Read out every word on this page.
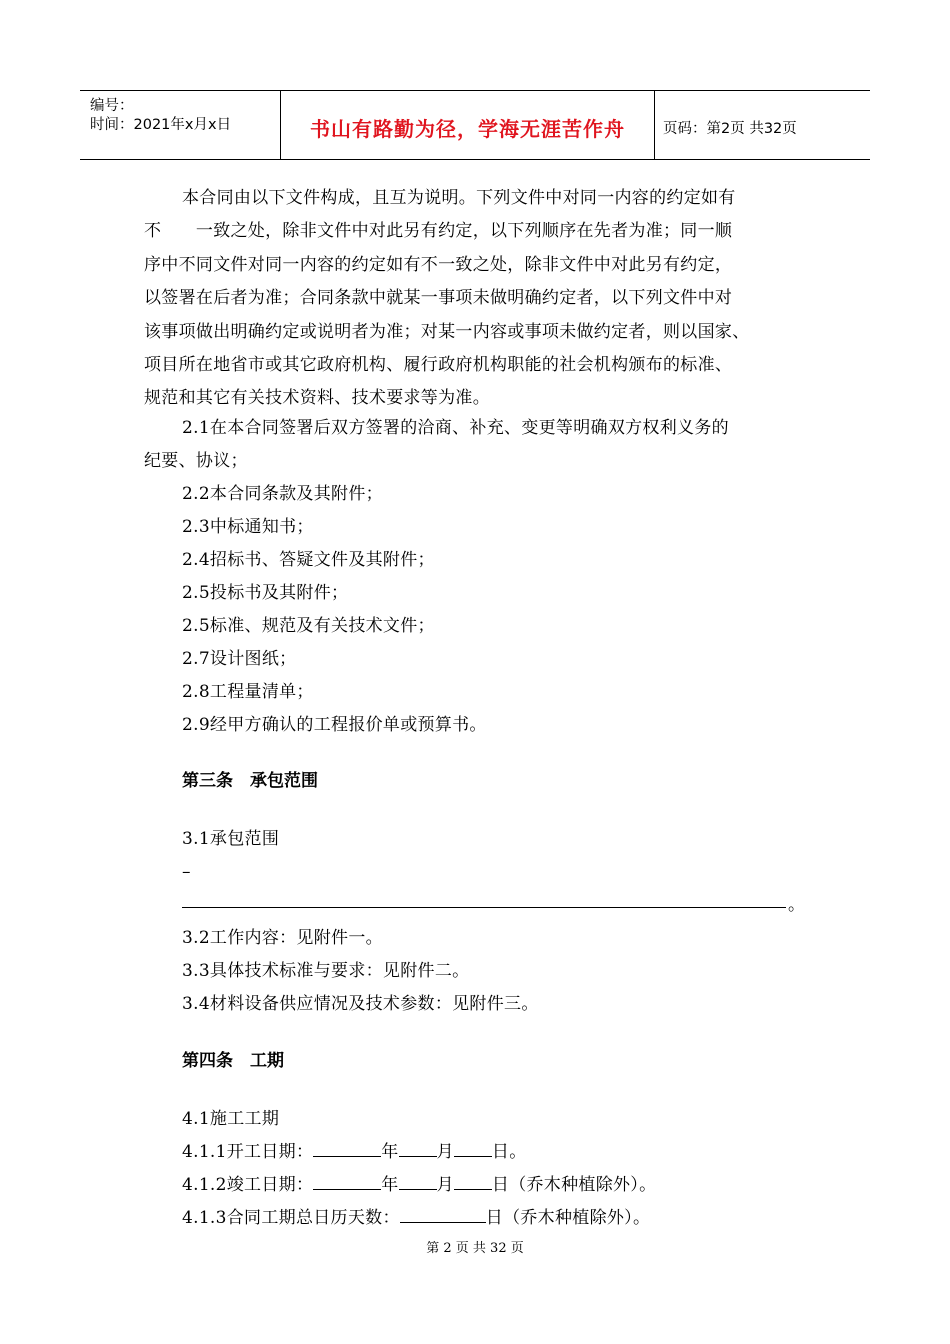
编号：
时间：2021年x月x日	书山有路勤为径，学海无涯苦作舟	页码：第2页 共32页
本合同由以下文件构成，且互为说明。下列文件中对同一内容的约定如有
不　　一致之处，除非文件中对此另有约定，以下列顺序在先者为准；同一顺
序中不同文件对同一内容的约定如有不一致之处，除非文件中对此另有约定，
以签署在后者为准；合同条款中就某一事项未做明确约定者，以下列文件中对
该事项做出明确约定或说明者为准；对某一内容或事项未做约定者，则以国家、
项目所在地省市或其它政府机构、履行政府机构职能的社会机构颁布的标准、
规范和其它有关技术资料、技术要求等为准。
2.1在本合同签署后双方签署的洽商、补充、变更等明确双方权利义务的
纪要、协议；
2.2本合同条款及其附件；
2.3中标通知书；
2.4招标书、答疑文件及其附件；
2.5投标书及其附件；
2.5标准、规范及有关技术文件；
2.7设计图纸；
2.8工程量清单；
2.9经甲方确认的工程报价单或预算书。
第三条　承包范围
3.1承包范围
–
。
3.2工作内容：见附件一。
3.3具体技术标准与要求：见附件二。
3.4材料设备供应情况及技术参数：见附件三。
第四条　工期
4.1施工工期
4.1.1开工日期：	年 月 日。
4.1.2竣工日期：	年 月 日（乔木种植除外）。
4.1.3合同工期总日历天数：	日（乔木种植除外）。
第 2 页 共 32 页
